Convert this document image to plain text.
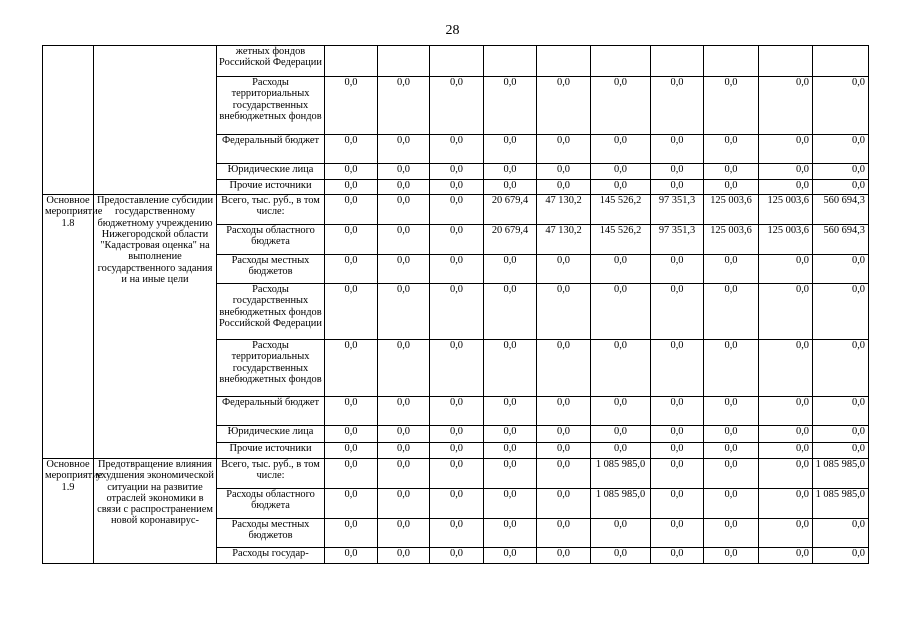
28
		жетных фондов Российской Федерации										
		Расходы территориальных государственных внебюджетных фондов	0,0	0,0	0,0	0,0	0,0	0,0	0,0	0,0	0,0	0,0
		Федеральный бюджет	0,0	0,0	0,0	0,0	0,0	0,0	0,0	0,0	0,0	0,0
		Юридические лица	0,0	0,0	0,0	0,0	0,0	0,0	0,0	0,0	0,0	0,0
		Прочие источники	0,0	0,0	0,0	0,0	0,0	0,0	0,0	0,0	0,0	0,0
Основное мероприятие 1.8	Предоставление субсидии государственному бюджетному учреждению Нижегородской области "Кадастровая оценка" на выполнение государственного задания и на иные цели	Всего, тыс. руб., в том числе:	0,0	0,0	0,0	20 679,4	47 130,2	145 526,2	97 351,3	125 003,6	125 003,6	560 694,3
		Расходы областного бюджета	0,0	0,0	0,0	20 679,4	47 130,2	145 526,2	97 351,3	125 003,6	125 003,6	560 694,3
		Расходы местных бюджетов	0,0	0,0	0,0	0,0	0,0	0,0	0,0	0,0	0,0	0,0
		Расходы государственных внебюджетных фондов Российской Федерации	0,0	0,0	0,0	0,0	0,0	0,0	0,0	0,0	0,0	0,0
		Расходы территориальных государственных внебюджетных фондов	0,0	0,0	0,0	0,0	0,0	0,0	0,0	0,0	0,0	0,0
		Федеральный бюджет	0,0	0,0	0,0	0,0	0,0	0,0	0,0	0,0	0,0	0,0
		Юридические лица	0,0	0,0	0,0	0,0	0,0	0,0	0,0	0,0	0,0	0,0
		Прочие источники	0,0	0,0	0,0	0,0	0,0	0,0	0,0	0,0	0,0	0,0
Основное мероприятие 1.9	Предотвращение влияния ухудшения экономической ситуации на развитие отраслей экономики в связи с распространением новой коронавирус-	Всего, тыс. руб., в том числе:	0,0	0,0	0,0	0,0	0,0	1 085 985,0	0,0	0,0	0,0	1 085 985,0
		Расходы областного бюджета	0,0	0,0	0,0	0,0	0,0	1 085 985,0	0,0	0,0	0,0	1 085 985,0
		Расходы местных бюджетов	0,0	0,0	0,0	0,0	0,0	0,0	0,0	0,0	0,0	0,0
		Расходы государ-	0,0	0,0	0,0	0,0	0,0	0,0	0,0	0,0	0,0	0,0
